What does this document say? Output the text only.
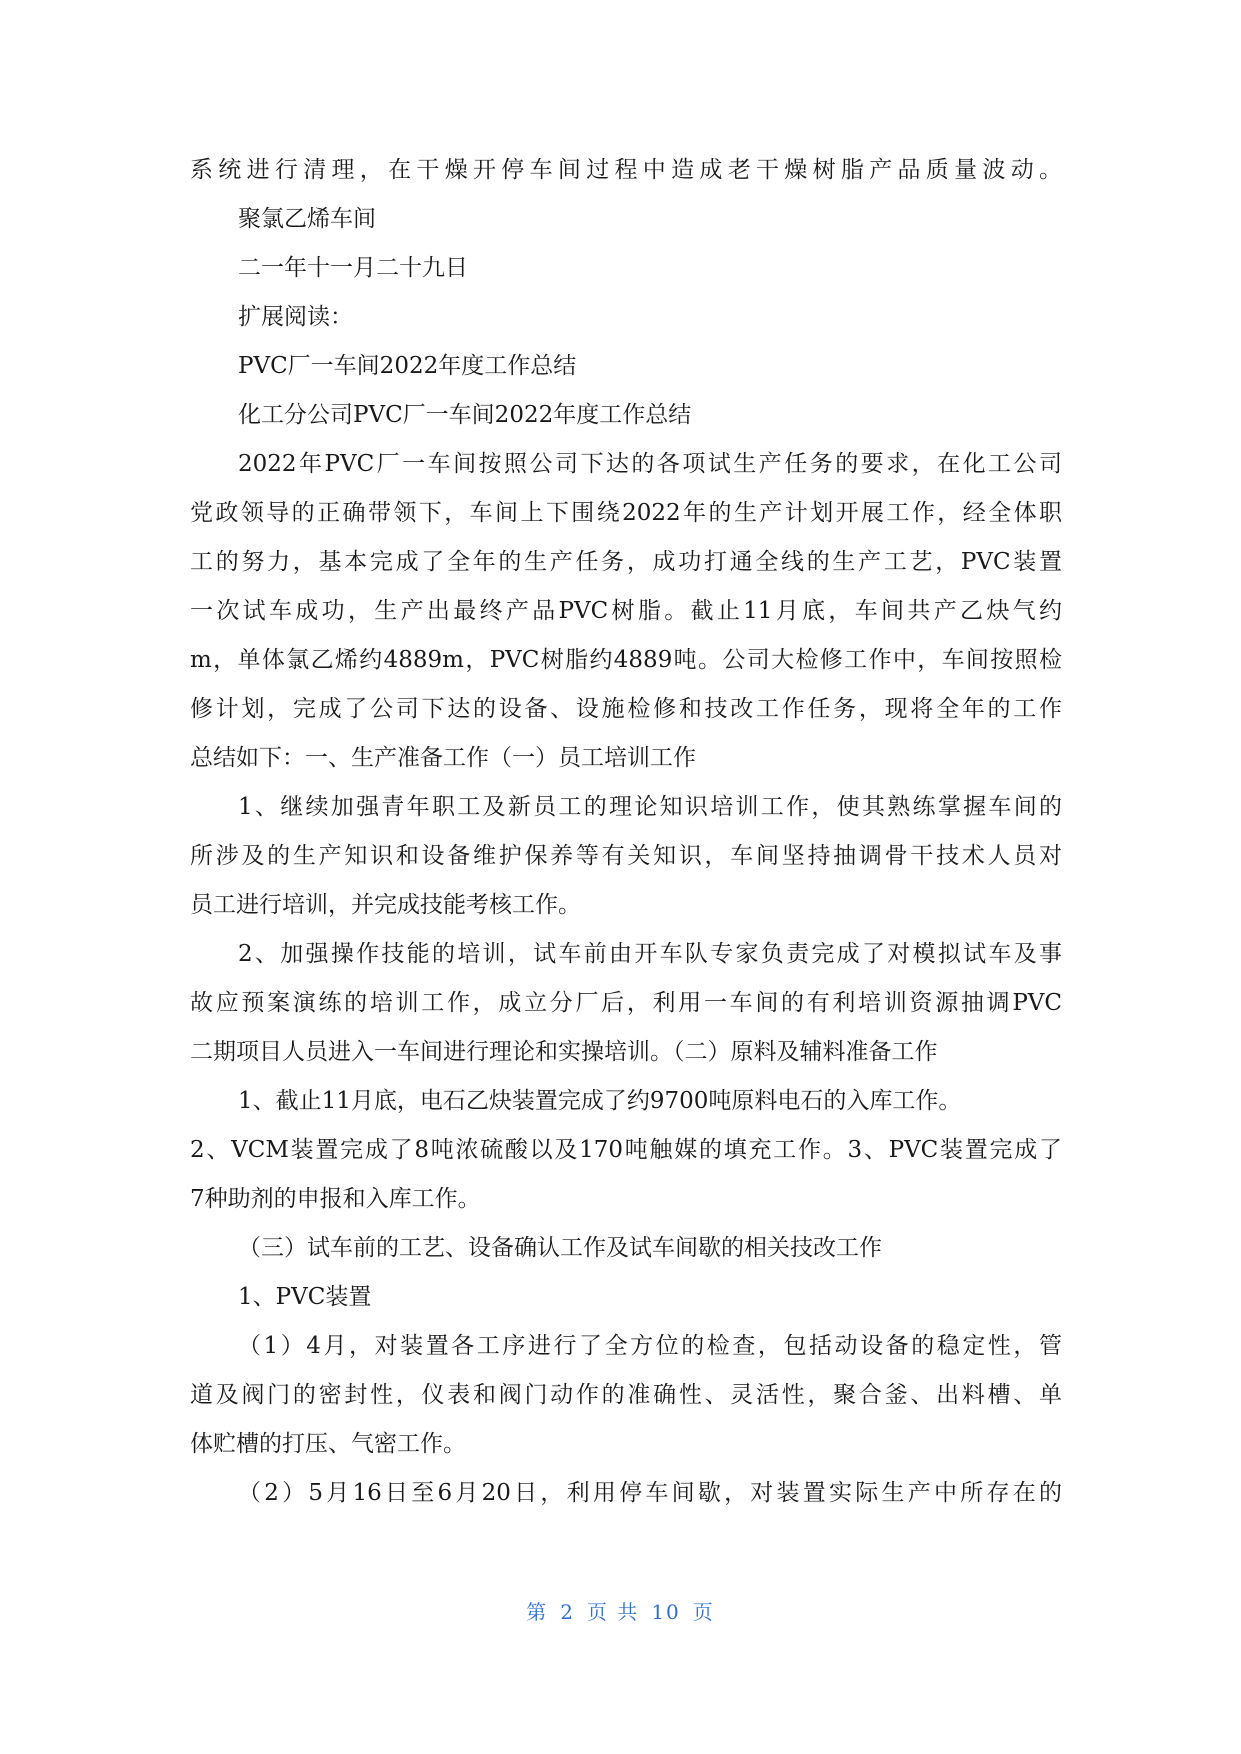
系统进行清理，在干燥开停车间过程中造成老干燥树脂产品质量波动。
聚氯乙烯车间
二一年十一月二十九日
扩展阅读：
PVC厂一车间2022年度工作总结
化工分公司PVC厂一车间2022年度工作总结
2022年PVC厂一车间按照公司下达的各项试生产任务的要求，在化工公司
党政领导的正确带领下，车间上下围绕2022年的生产计划开展工作，经全体职
工的努力，基本完成了全年的生产任务，成功打通全线的生产工艺，PVC装置
一次试车成功，生产出最终产品PVC树脂。截止11月底，车间共产乙炔气约
m，单体氯乙烯约4889m，PVC树脂约4889吨。公司大检修工作中，车间按照检
修计划，完成了公司下达的设备、设施检修和技改工作任务，现将全年的工作
总结如下：一、生产准备工作（一）员工培训工作
1、继续加强青年职工及新员工的理论知识培训工作，使其熟练掌握车间的
所涉及的生产知识和设备维护保养等有关知识，车间坚持抽调骨干技术人员对
员工进行培训，并完成技能考核工作。
2、加强操作技能的培训，试车前由开车队专家负责完成了对模拟试车及事
故应预案演练的培训工作，成立分厂后，利用一车间的有利培训资源抽调PVC
二期项目人员进入一车间进行理论和实操培训。（二）原料及辅料准备工作
1、截止11月底，电石乙炔装置完成了约9700吨原料电石的入库工作。
2、VCM装置完成了8吨浓硫酸以及170吨触媒的填充工作。3、PVC装置完成了
7种助剂的申报和入库工作。
（三）试车前的工艺、设备确认工作及试车间歇的相关技改工作
1、PVC装置
（1）4月，对装置各工序进行了全方位的检查，包括动设备的稳定性，管
道及阀门的密封性，仪表和阀门动作的准确性、灵活性，聚合釜、出料槽、单
体贮槽的打压、气密工作。
（2）5月16日至6月20日，利用停车间歇，对装置实际生产中所存在的
第 2 页 共 10 页
